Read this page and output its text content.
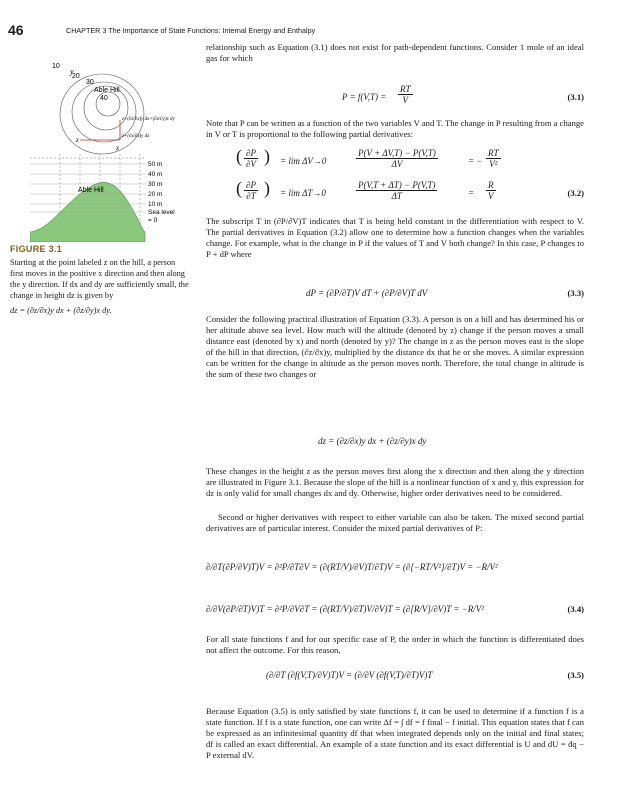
46	CHAPTER 3 The Importance of State Functions: Internal Energy and Enthalpy
10
y
20
30
Able Hill
40
z
x
z+(∂z/∂x)y dx+(∂z/∂y)x dy
z+(∂z/∂x)y dx
Able Hill
50 m
40 m
30 m
20 m
10 m
Sea level
= 0
FIGURE 3.1

Starting at the point labeled z on the hill, a person first moves in the positive x direction and then along the y direction. If dx and dy are sufficiently small, the change in height dz is given by

dz = (∂z/∂x)y dx + (∂z/∂y)x dy.
relationship such as Equation (3.1) does not exist for path-dependent functions. Consider 1 mole of an ideal gas for which
$P = f(V,T) = \frac{RT}{V}$	(3.1)
Note that P can be written as a function of the two variables V and T. The change in P resulting from a change in V or T is proportional to the following partial derivatives:
( $\frac{\partial P}{\partial V}$ ) = lim ΔV→0	$\frac{P(V + \Delta V,T) - P(V,T)}{\Delta V}$	= − $\frac{RT}{\text{V²}}$
( $\frac{\partial P}{\partial T}$ ) = lim ΔT→0	$\frac{P(V,T + \Delta T) - P(V,T)}{\Delta T}$	= $\frac{R}{V}$	(3.2)
The subscript T in (∂P/∂V)T indicates that T is being held constant in the differentiation with respect to V. The partial derivatives in Equation (3.2) allow one to determine how a function changes when the variables change. For example, what is the change in P if the values of T and V both change? In this case, P changes to P + dP where
dP = (∂P/∂T)V dT + (∂P/∂V)T dV	(3.3)
Consider the following practical illustration of Equation (3.3). A person is on a hill and has determined his or her altitude above sea level. How much will the altitude (denoted by z) change if the person moves a small distance east (denoted by x) and north (denoted by y)? The change in z as the person moves east is the slope of the hill in that direction, (∂z/∂x)y, multiplied by the distance dx that he or she moves. A similar expression can be written for the change in altitude as the person moves north. Therefore, the total change in altitude is the sum of these two changes or
dz = (∂z/∂x)y dx + (∂z/∂y)x dy
These changes in the height z as the person moves first along the x direction and then along the y direction are illustrated in Figure 3.1. Because the slope of the hill is a nonlinear function of x and y, this expression for dz is only valid for small changes dx and dy. Otherwise, higher order derivatives need to be considered.
Second or higher derivatives with respect to either variable can also be taken. The mixed second partial derivatives are of particular interest. Consider the mixed partial derivatives of P:
∂/∂T(∂P/∂V)T)V = ∂²P/∂T∂V = (∂(RT/V)/∂V)T/∂T)V = (∂[−RT/V²]/∂T)V = −R/V²
∂/∂V(∂P/∂T)V)T = ∂²P/∂V∂T = (∂(RT/V)/∂T)V/∂V)T = (∂[R/V]/∂V)T = −R/V²	(3.4)
For all state functions f and for our specific case of P, the order in which the function is differentiated does not affect the outcome. For this reason,
(∂/∂T (∂f(V,T)/∂V)T)V = (∂/∂V (∂f(V,T)/∂T)V)T	(3.5)
Because Equation (3.5) is only satisfied by state functions f, it can be used to determine if a function f is a state function. If f is a state function, one can write Δf = ∫ df = f final − f initial. This equation states that f can be expressed as an infinitesimal quantity df that when integrated depends only on the initial and final states; df is called an exact differential. An example of a state function and its exact differential is U and dU = đq − P external dV.
